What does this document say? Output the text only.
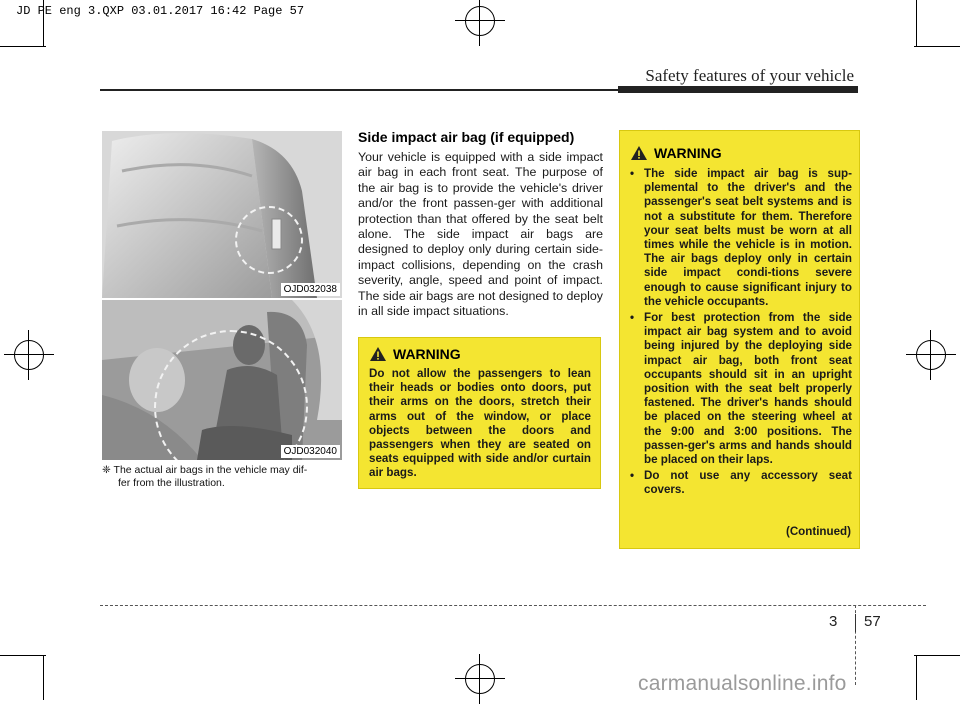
JD PE eng 3.QXP 03.01.2017 16:42 Page 57
Safety features of your vehicle
OJD032038
OJD032040
❈ The actual air bags in the vehicle may dif-
fer from the illustration.
Side impact air bag (if equipped)
Your vehicle is equipped with a side impact air bag in each front seat. The purpose of the air bag is to provide the vehicle's driver and/or the front passen-ger with additional protection than that offered by the seat belt alone. The side impact air bags are designed to deploy only during certain side-impact collisions, depending on the crash severity, angle, speed and point of impact. The side air bags are not designed to deploy in all side impact situations.
WARNING
Do not allow the passengers to lean their heads or bodies onto doors, put their arms on the doors, stretch their arms out of the window, or place objects between the doors and passengers when they are seated on seats equipped with side and/or curtain air bags.
WARNING
• The side impact air bag is sup-plemental to the driver's and the passenger's seat belt systems and is not a substitute for them. Therefore your seat belts must be worn at all times while the vehicle is in motion. The air bags deploy only in certain side impact condi-tions severe enough to cause significant injury to the vehicle occupants.
• For best protection from the side impact air bag system and to avoid being injured by the deploying side impact air bag, both front seat occupants should sit in an upright position with the seat belt properly fastened. The driver's hands should be placed on the steering wheel at the 9:00 and 3:00 positions. The passen-ger's arms and hands should be placed on their laps.
• Do not use any accessory seat covers.
(Continued)
3 57
carmanualsonline.info
